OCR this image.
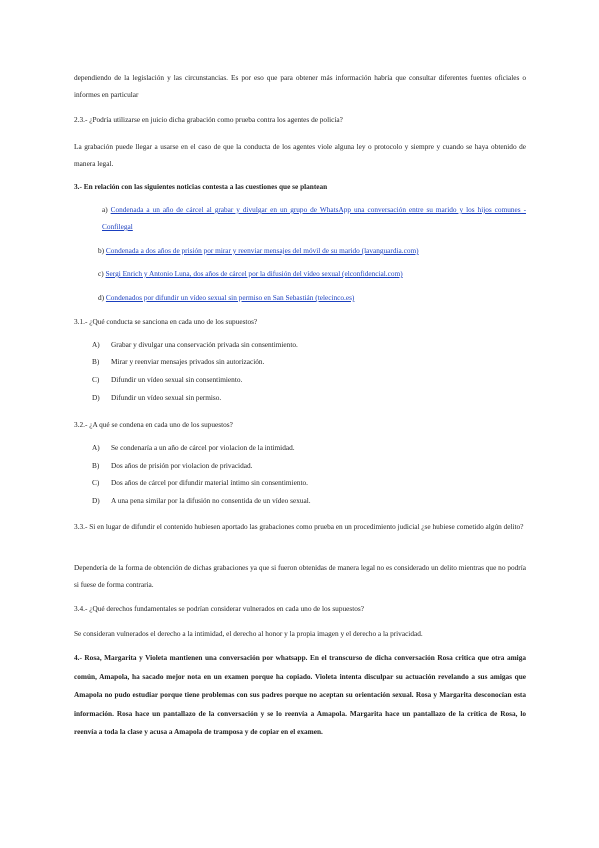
dependiendo de la legislación y las circunstancias. Es por eso que para obtener más información habría que consultar diferentes fuentes oficiales o informes en particular

2.3.- ¿Podría utilizarse en juicio dicha grabación como prueba contra los agentes de policía?

La grabación puede llegar a usarse en el caso de que la conducta de los agentes viole alguna ley o protocolo y siempre y cuando se haya obtenido de manera legal.

3.- En relación con las siguientes noticias contesta a las cuestiones que se plantean

a) Condenada a un año de cárcel al grabar y divulgar en un grupo de WhatsApp una conversación entre su marido y los hijos comunes - Confilegal

b) Condenada a dos años de prisión por mirar y reenviar mensajes del móvil de su marido (lavanguardia.com)

c) Sergi Enrich y Antonio Luna, dos años de cárcel por la difusión del vídeo sexual (elconfidencial.com)

d) Condenados por difundir un vídeo sexual sin permiso en San Sebastián (telecinco.es)

3.1.- ¿Qué conducta se sanciona en cada uno de los supuestos?

A) Grabar y divulgar una conservación privada sin consentimiento.
B) Mirar y reenviar mensajes privados sin autorización.
C) Difundir un vídeo sexual sin consentimiento.
D) Difundir un vídeo sexual sin permiso.

3.2.- ¿A qué se condena en cada uno de los supuestos?

A) Se condenaría a un año de cárcel por violacion de la intimidad.
B) Dos años de prisión por violacion de privacidad.
C) Dos años de cárcel por difundir material íntimo sin consentimiento.
D) A una pena similar por la difusión no consentida de un vídeo sexual.

3.3.- Si en lugar de difundir el contenido hubiesen aportado las grabaciones como prueba en un procedimiento judicial ¿se hubiese cometido algún delito?

Dependería de la forma de obtención de dichas grabaciones ya que si fueron obtenidas de manera legal no es considerado un delito mientras que no podría si fuese de forma contraria.

3.4.- ¿Qué derechos fundamentales se podrían considerar vulnerados en cada uno de los supuestos?

Se consideran vulnerados el derecho a la intimidad, el derecho al honor y la propia imagen y el derecho a la privacidad.

4.- Rosa, Margarita y Violeta mantienen una conversación por whatsapp. En el transcurso de dicha conversación Rosa critica que otra amiga común, Amapola, ha sacado mejor nota en un examen porque ha copiado. Violeta intenta disculpar su actuación revelando a sus amigas que Amapola no pudo estudiar porque tiene problemas con sus padres porque no aceptan su orientación sexual. Rosa y Margarita desconocían esta información. Rosa hace un pantallazo de la conversación y se lo reenvía a Amapola. Margarita hace un pantallazo de la crítica de Rosa, lo reenvía a toda la clase y acusa a Amapola de tramposa y de copiar en el examen.
